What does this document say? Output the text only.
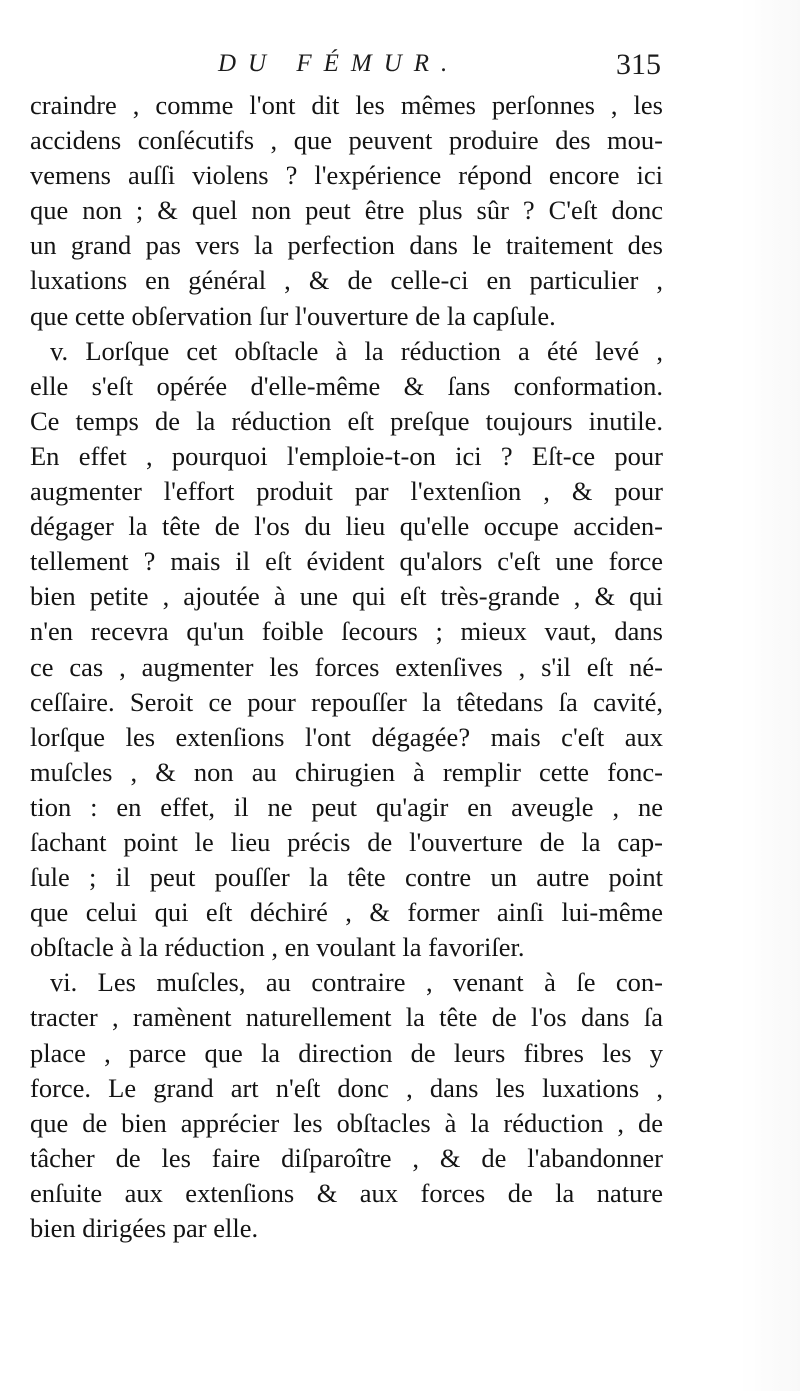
DU FÉMUR.	315
craindre , comme l'ont dit les mêmes perſonnes , les
accidens conſécutifs , que peuvent produire des mou-
vemens auſſi violens ? l'expérience répond encore ici
que non ; & quel non peut être plus sûr ? C'eſt donc
un grand pas vers la perfection dans le traitement des
luxations en général , & de celle-ci en particulier ,
que cette obſervation ſur l'ouverture de la capſule.
v. Lorſque cet obſtacle à la réduction a été levé ,
elle s'eſt opérée d'elle-même & ſans conformation.
Ce temps de la réduction eſt preſque toujours inutile.
En effet , pourquoi l'emploie-t-on ici ? Eſt-ce pour
augmenter l'effort produit par l'extenſion , & pour
dégager la tête de l'os du lieu qu'elle occupe acciden-
tellement ? mais il eſt évident qu'alors c'eſt une force
bien petite , ajoutée à une qui eſt très-grande , & qui
n'en recevra qu'un foible ſecours ; mieux vaut, dans
ce cas , augmenter les forces extenſives , s'il eſt né-
ceſſaire. Seroit ce pour repouſſer la têtedans ſa cavité,
lorſque les extenſions l'ont dégagée? mais c'eſt aux
muſcles , & non au chirugien à remplir cette fonc-
tion : en effet, il ne peut qu'agir en aveugle , ne
ſachant point le lieu précis de l'ouverture de la cap-
ſule ; il peut pouſſer la tête contre un autre point
que celui qui eſt déchiré , & former ainſi lui-même
obſtacle à la réduction , en voulant la favoriſer.
vi. Les muſcles, au contraire , venant à ſe con-
tracter , ramènent naturellement la tête de l'os dans ſa
place , parce que la direction de leurs fibres les y
force. Le grand art n'eſt donc , dans les luxations ,
que de bien apprécier les obſtacles à la réduction , de
tâcher de les faire diſparoître , & de l'abandonner
enſuite aux extenſions & aux forces de la nature
bien dirigées par elle.
